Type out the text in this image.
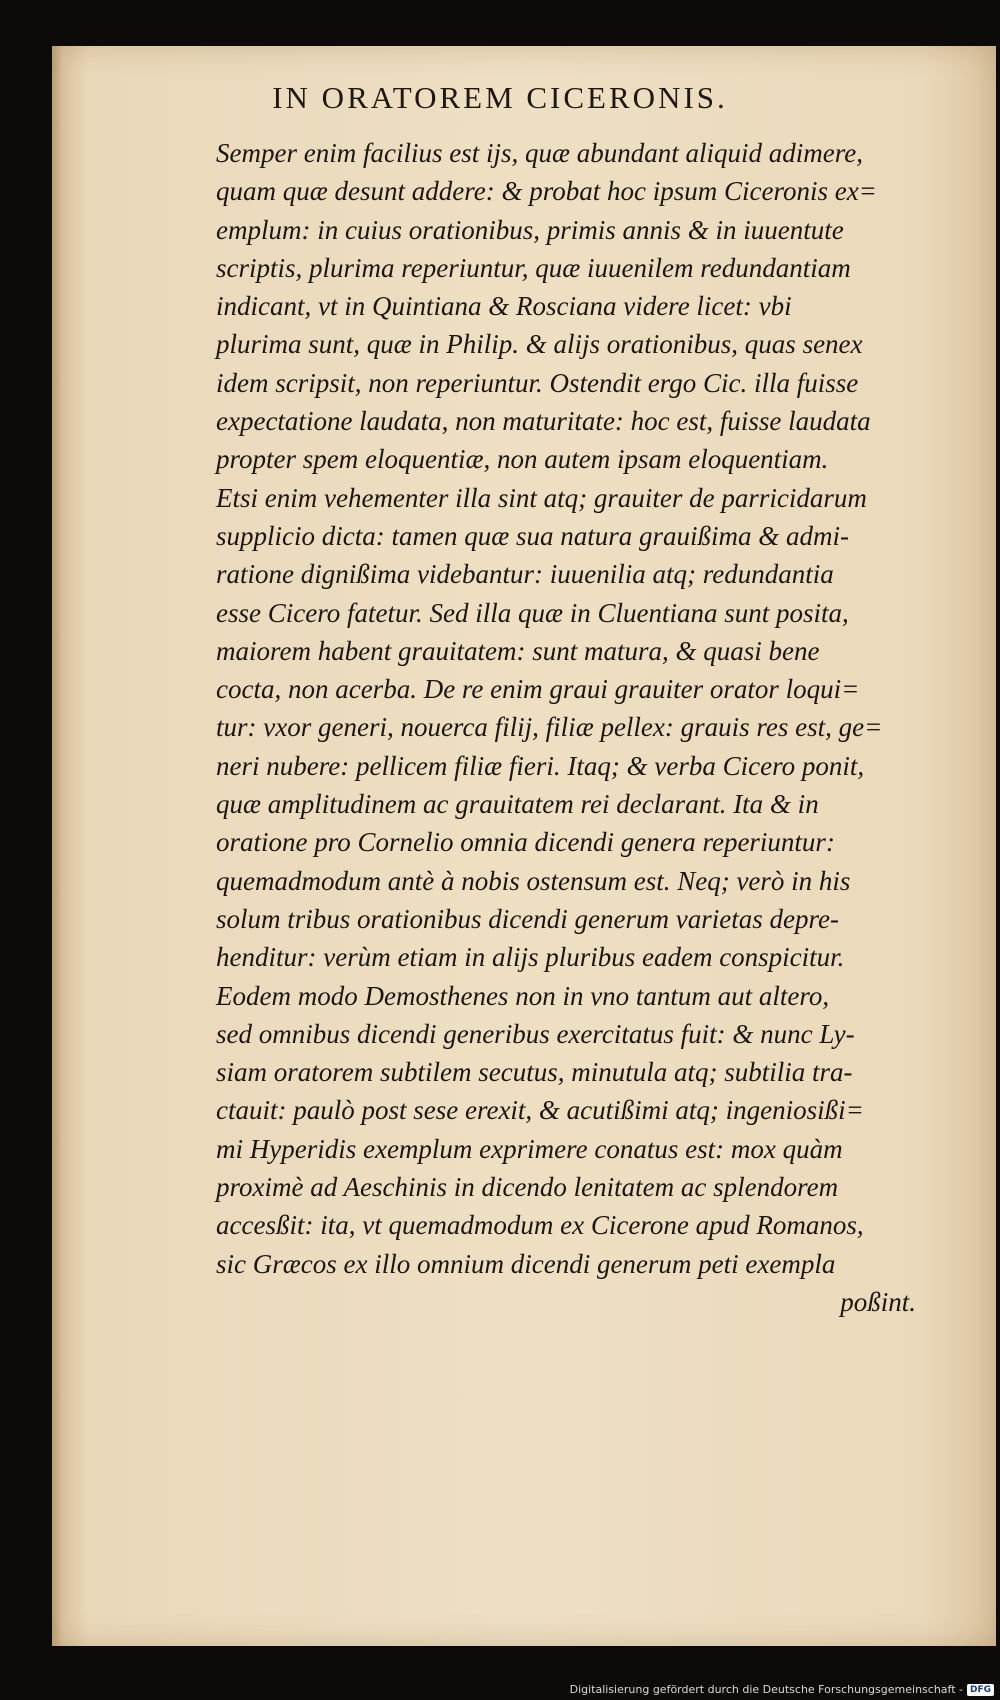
IN ORATOREM CICERONIS.
Semper enim facilius est ijs, quæ abundant aliquid adimere,
quam quæ desunt addere: & probat hoc ipsum Ciceronis ex=
emplum: in cuius orationibus, primis annis & in iuuentute
scriptis, plurima reperiuntur, quæ iuuenilem redundantiam
indicant, vt in Quintiana & Rosciana videre licet: vbi
plurima sunt, quæ in Philip. & alijs orationibus, quas senex
idem scripsit, non reperiuntur. Ostendit ergo Cic. illa fuisse
expectatione laudata, non maturitate: hoc est, fuisse laudata
propter spem eloquentiæ, non autem ipsam eloquentiam.
Etsi enim vehementer illa sint atq; grauiter de parricidarum
supplicio dicta: tamen quæ sua natura grauißima & admi-
ratione dignißima videbantur: iuuenilia atq; redundantia
esse Cicero fatetur. Sed illa quæ in Cluentiana sunt posita,
maiorem habent grauitatem: sunt matura, & quasi bene
cocta, non acerba. De re enim graui grauiter orator loqui=
tur: vxor generi, nouerca filij, filiæ pellex: grauis res est, ge=
neri nubere: pellicem filiæ fieri. Itaq; & verba Cicero ponit,
quæ amplitudinem ac grauitatem rei declarant. Ita & in
oratione pro Cornelio omnia dicendi genera reperiuntur:
quemadmodum antè à nobis ostensum est. Neq; verò in his
solum tribus orationibus dicendi generum varietas depre-
henditur: verùm etiam in alijs pluribus eadem conspicitur.
Eodem modo Demosthenes non in vno tantum aut altero,
sed omnibus dicendi generibus exercitatus fuit: & nunc Ly-
siam oratorem subtilem secutus, minutula atq; subtilia tra-
ctauit: paulò post sese erexit, & acutißimi atq; ingeniosißi=
mi Hyperidis exemplum exprimere conatus est: mox quàm
proximè ad Aeschinis in dicendo lenitatem ac splendorem
accesßit: ita, vt quemadmodum ex Cicerone apud Romanos,
sic Græcos ex illo omnium dicendi generum peti exempla
poßint.
Digitalisierung gefördert durch die Deutsche Forschungsgemeinschaft - DFG
